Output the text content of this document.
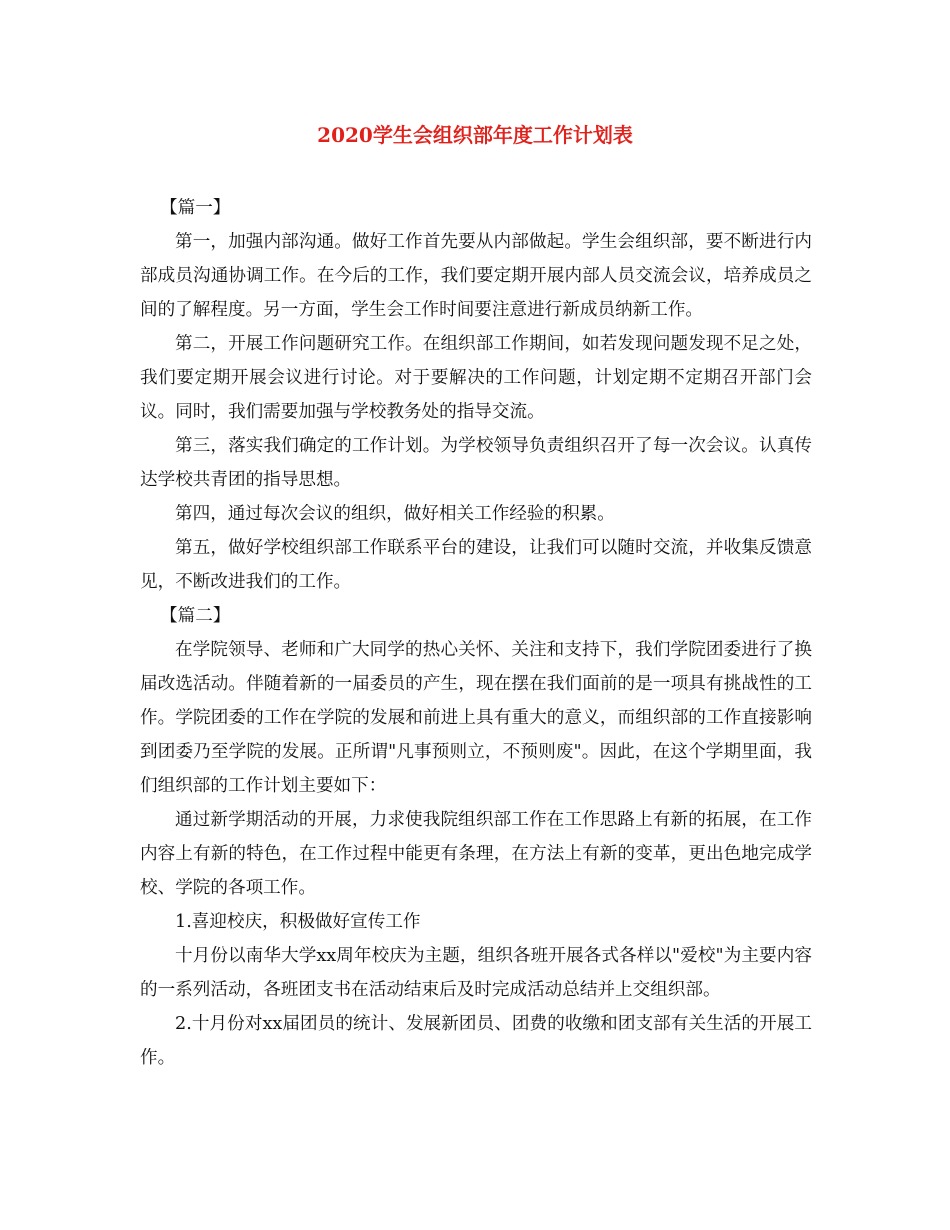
2020学生会组织部年度工作计划表

【篇一】

第一，加强内部沟通。做好工作首先要从内部做起。学生会组织部，要不断进行内部成员沟通协调工作。在今后的工作，我们要定期开展内部人员交流会议，培养成员之间的了解程度。另一方面，学生会工作时间要注意进行新成员纳新工作。

第二，开展工作问题研究工作。在组织部工作期间，如若发现问题发现不足之处，我们要定期开展会议进行讨论。对于要解决的工作问题，计划定期不定期召开部门会议。同时，我们需要加强与学校教务处的指导交流。

第三，落实我们确定的工作计划。为学校领导负责组织召开了每一次会议。认真传达学校共青团的指导思想。

第四，通过每次会议的组织，做好相关工作经验的积累。

第五，做好学校组织部工作联系平台的建设，让我们可以随时交流，并收集反馈意见，不断改进我们的工作。

【篇二】

在学院领导、老师和广大同学的热心关怀、关注和支持下，我们学院团委进行了换届改选活动。伴随着新的一届委员的产生，现在摆在我们面前的是一项具有挑战性的工作。学院团委的工作在学院的发展和前进上具有重大的意义，而组织部的工作直接影响到团委乃至学院的发展。正所谓"凡事预则立，不预则废"。因此，在这个学期里面，我们组织部的工作计划主要如下：

通过新学期活动的开展，力求使我院组织部工作在工作思路上有新的拓展，在工作内容上有新的特色，在工作过程中能更有条理，在方法上有新的变革，更出色地完成学校、学院的各项工作。

1.喜迎校庆，积极做好宣传工作

十月份以南华大学xx周年校庆为主题，组织各班开展各式各样以"爱校"为主要内容的一系列活动，各班团支书在活动结束后及时完成活动总结并上交组织部。

2.十月份对xx届团员的统计、发展新团员、团费的收缴和团支部有关生活的开展工作。
